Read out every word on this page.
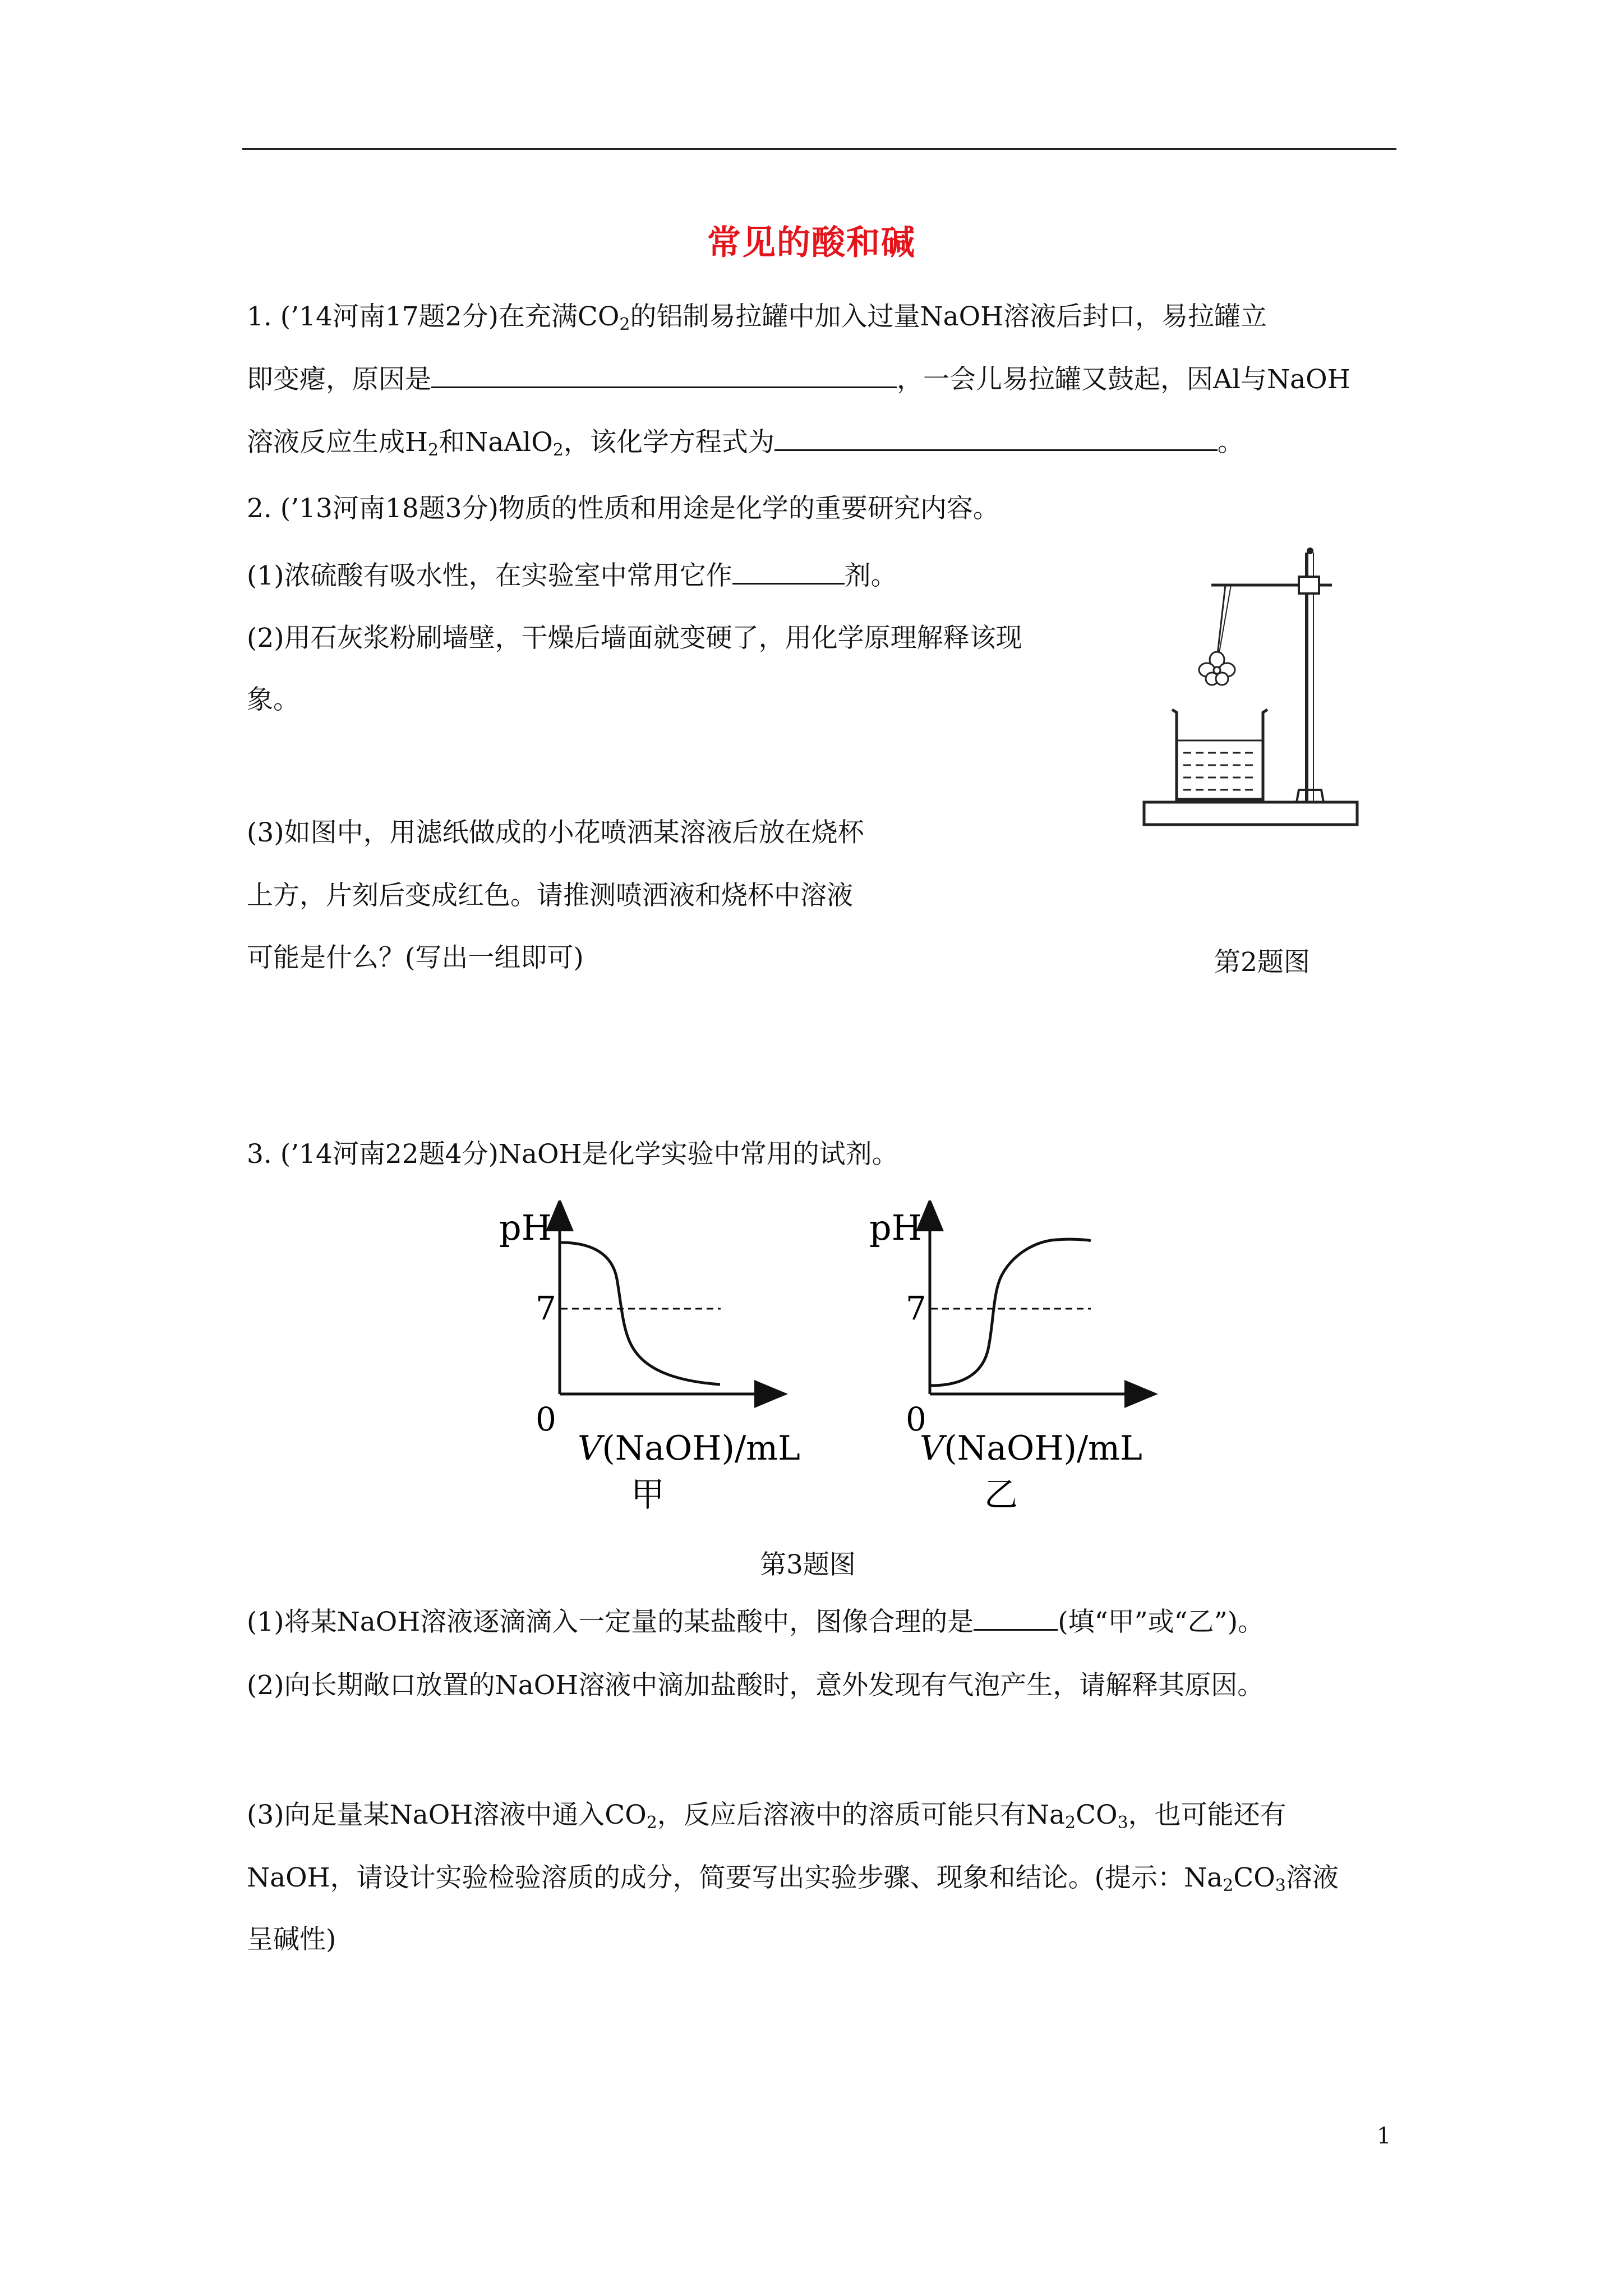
常见的酸和碱
1. (’14河南17题2分)在充满$CO_2$的铝制易拉罐中加入过量NaOH溶液后封口，易拉罐立
即变瘪，原因是	，一会儿易拉罐又鼓起，因Al与NaOH
溶液反应生成$H_2$和NaAlO$_2$，该化学方程式为	。
2. (’13河南18题3分)物质的性质和用途是化学的重要研究内容。
(1)浓硫酸有吸水性，在实验室中常用它作	剂。
(2)用石灰浆粉刷墙壁，干燥后墙面就变硬了，用化学原理解释该现
象。
(3)如图中，用滤纸做成的小花喷洒某溶液后放在烧杯
上方，片刻后变成红色。请推测喷洒液和烧杯中溶液
可能是什么？(写出一组即可)	第2题图
3. (’14河南22题4分)NaOH是化学实验中常用的试剂。
pH
7
0
V(NaOH)/mL
甲
pH
7
0
V(NaOH)/mL
乙
第3题图
(1)将某NaOH溶液逐滴滴入一定量的某盐酸中，图像合理的是	(填“甲”或“乙”)。
(2)向长期敞口放置的NaOH溶液中滴加盐酸时，意外发现有气泡产生，请解释其原因。
(3)向足量某NaOH溶液中通入$CO_2$，反应后溶液中的溶质可能只有$Na_2CO_3$，也可能还有
NaOH，请设计实验检验溶质的成分，简要写出实验步骤、现象和结论。(提示：$Na_2CO_3$溶液
呈碱性)
1
